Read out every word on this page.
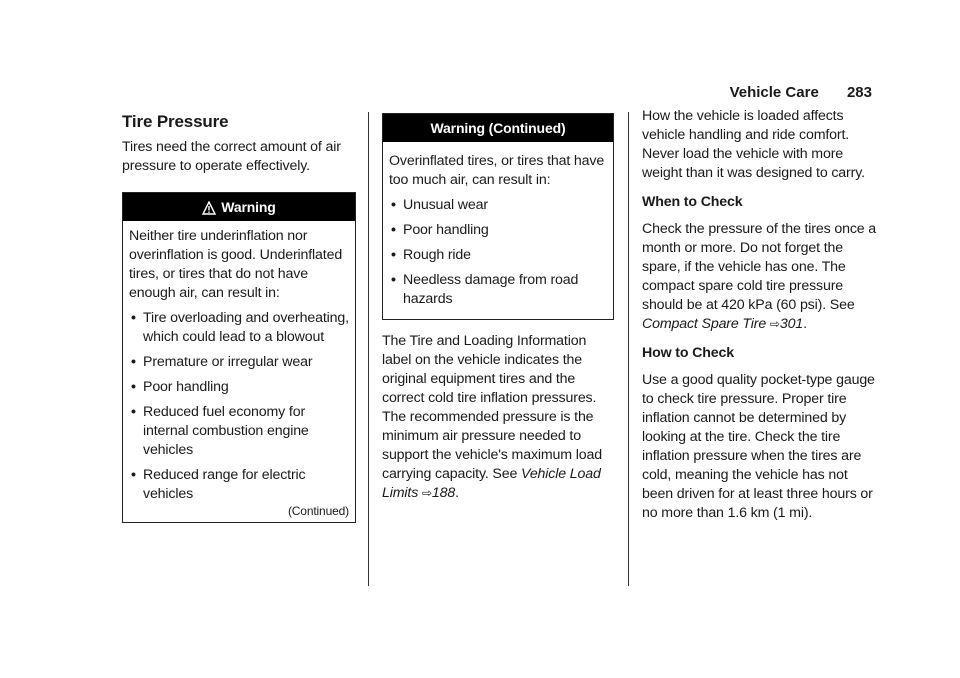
Vehicle Care 283
Tire Pressure

Tires need the correct amount of air pressure to operate effectively.

Warning

Neither tire underinflation nor overinflation is good. Underinflated tires, or tires that do not have enough air, can result in:

• Tire overloading and overheating, which could lead to a blowout
• Premature or irregular wear
• Poor handling
• Reduced fuel economy for internal combustion engine vehicles
• Reduced range for electric vehicles
(Continued)
Warning (Continued)

Overinflated tires, or tires that have too much air, can result in:

• Unusual wear
• Poor handling
• Rough ride
• Needless damage from road hazards

The Tire and Loading Information label on the vehicle indicates the original equipment tires and the correct cold tire inflation pressures. The recommended pressure is the minimum air pressure needed to support the vehicle's maximum load carrying capacity. See Vehicle Load Limits ⇨188.

How the vehicle is loaded affects vehicle handling and ride comfort. Never load the vehicle with more weight than it was designed to carry.

When to Check

Check the pressure of the tires once a month or more. Do not forget the spare, if the vehicle has one. The compact spare cold tire pressure should be at 420 kPa (60 psi). See Compact Spare Tire ⇨301.

How to Check

Use a good quality pocket-type gauge to check tire pressure. Proper tire inflation cannot be determined by looking at the tire. Check the tire inflation pressure when the tires are cold, meaning the vehicle has not been driven for at least three hours or no more than 1.6 km (1 mi).
